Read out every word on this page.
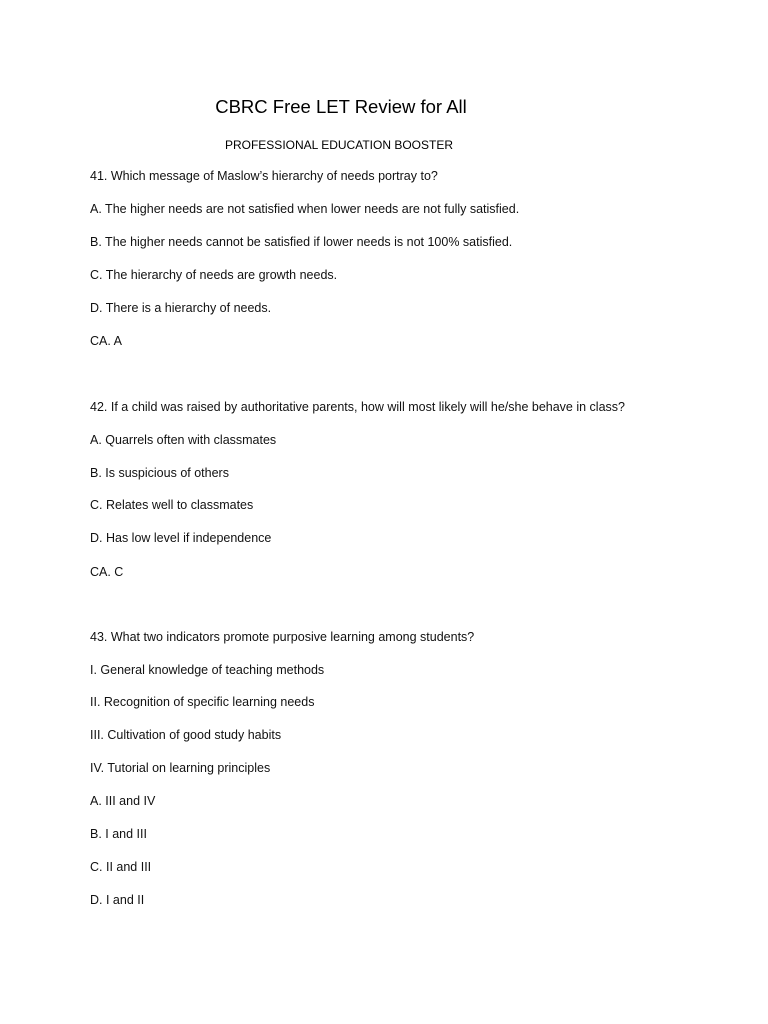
CBRC Free LET Review for All
PROFESSIONAL EDUCATION BOOSTER
41. Which message of Maslow’s hierarchy of needs portray to?
A. The higher needs are not satisfied when lower needs are not fully satisfied.
B. The higher needs cannot be satisfied if lower needs is not 100% satisfied.
C. The hierarchy of needs are growth needs.
D. There is a hierarchy of needs.
CA. A
42. If a child was raised by authoritative parents, how will most likely will he/she behave in class?
A. Quarrels often with classmates
B. Is suspicious of others
C. Relates well to classmates
D. Has low level if independence
CA. C
43. What two indicators promote purposive learning among students?
I. General knowledge of teaching methods
II. Recognition of specific learning needs
III. Cultivation of good study habits
IV. Tutorial on learning principles
A. III and IV
B. I and III
C. II and III
D. I and II
